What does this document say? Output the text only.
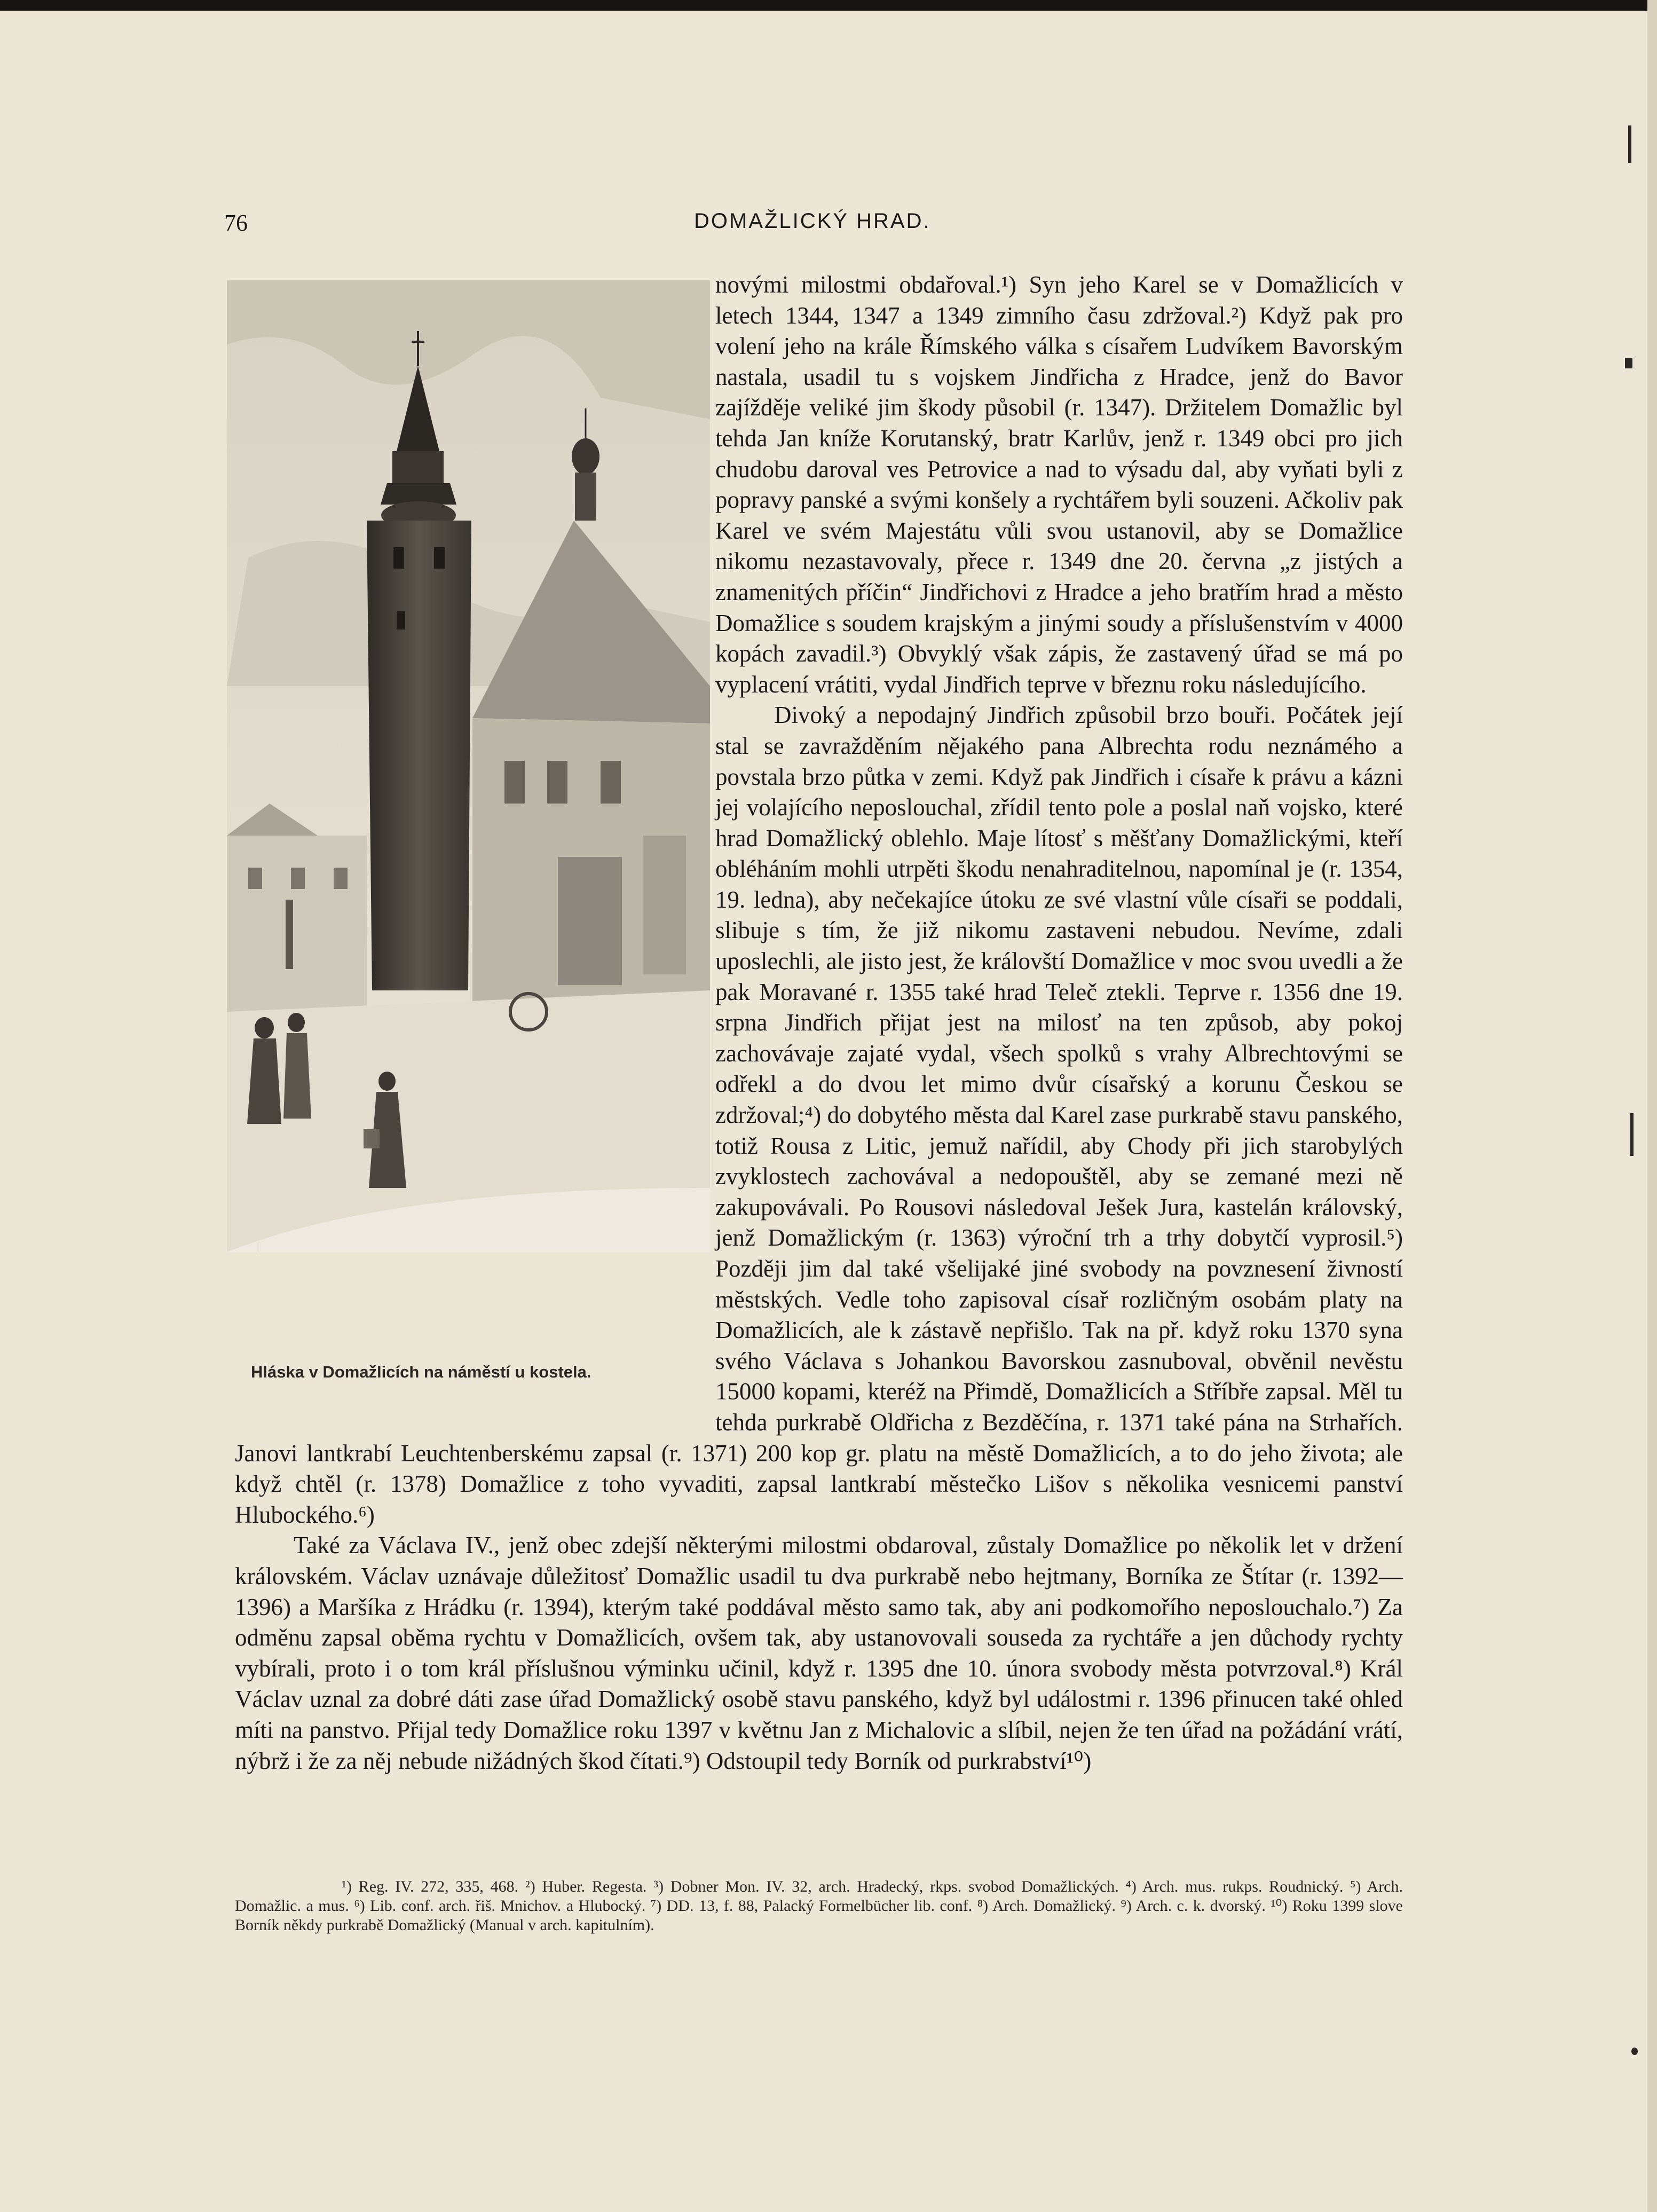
76	DOMAŽLICKÝ HRAD.
Hláska v Domažlicích na náměstí u kostela.

novými milostmi obdařoval.¹) Syn jeho Karel se v Domažlicích v letech 1344, 1347 a 1349 zimního času zdržoval.²) Když pak pro volení jeho na krále Římského válka s císařem Ludvíkem Bavorským nastala, usadil tu s vojskem Jindřicha z Hradce, jenž do Bavor zajížděje veliké jim škody působil (r. 1347). Držitelem Domažlic byl tehda Jan kníže Korutanský, bratr Karlův, jenž r. 1349 obci pro jich chudobu daroval ves Petrovice a nad to výsadu dal, aby vyňati byli z popravy panské a svými konšely a rychtářem byli souzeni. Ačkoliv pak Karel ve svém Majestátu vůli svou ustanovil, aby se Domažlice nikomu nezastavovaly, přece r. 1349 dne 20. června „z jistých a znamenitých příčin“ Jindřichovi z Hradce a jeho bratřím hrad a město Domažlice s soudem krajským a jinými soudy a příslušenstvím v 4000 kopách zavadil.³) Obvyklý však zápis, že zastavený úřad se má po vyplacení vrátiti, vydal Jindřich teprve v březnu roku následujícího.

Divoký a nepodajný Jindřich způsobil brzo bouři. Počátek její stal se zavražděním nějakého pana Albrechta rodu neznámého a povstala brzo půtka v zemi. Když pak Jindřich i císaře k právu a kázni jej volajícího neposlouchal, zřídil tento pole a poslal naň vojsko, které hrad Domažlický oblehlo. Maje lítosť s měšťany Domažlickými, kteří obléháním mohli utrpěti škodu nenahraditelnou, napomínal je (r. 1354, 19. ledna), aby nečekajíce útoku ze své vlastní vůle císaři se poddali, slibuje s tím, že již nikomu zastaveni nebudou. Nevíme, zdali uposlechli, ale jisto jest, že královští Domažlice v moc svou uvedli a že pak Moravané r. 1355 také hrad Teleč ztekli. Teprve r. 1356 dne 19. srpna Jindřich přijat jest na milosť na ten způsob, aby pokoj zachovávaje zajaté vydal, všech spolků s vrahy Albrechtovými se odřekl a do dvou let mimo dvůr císařský a korunu Českou se zdržoval;⁴) do dobytého města dal Karel zase purkrabě stavu panského, totiž Rousa z Litic, jemuž nařídil, aby Chody při jich starobylých zvyklostech zachovával a nedopouštěl, aby se zemané mezi ně zakupovávali. Po Rousovi následoval Ješek Jura, kastelán královský, jenž Domažlickým (r. 1363) výroční trh a trhy dobytčí vyprosil.⁵) Později jim dal také všelijaké jiné svobody na povznesení živností městských. Vedle toho zapisoval císař rozličným osobám platy na Domažlicích, ale k zástavě nepřišlo. Tak na př. když roku 1370 syna svého Václava s Johankou Bavorskou zasnuboval, obvěnil nevěstu 15000 kopami, kteréž na Přimdě, Domažlicích a Stříbře zapsal. Měl tu tehda purkrabě Oldřicha z Bezděčína, r. 1371 také pána na Strhařích. Janovi lantkrabí Leuchtenberskému zapsal (r. 1371) 200 kop gr. platu na městě Domažlicích, a to do jeho života; ale když chtěl (r. 1378) Domažlice z toho vyvaditi, zapsal lantkrabí městečko Lišov s několika vesnicemi panství Hlubockého.⁶)

Také za Václava IV., jenž obec zdejší některými milostmi obdaroval, zůstaly Domažlice po několik let v držení královském. Václav uznávaje důležitosť Domažlic usadil tu dva purkrabě nebo hejtmany, Borníka ze Štítar (r. 1392—1396) a Maršíka z Hrádku (r. 1394), kterým také poddával město samo tak, aby ani podkomořího neposlouchalo.⁷) Za odměnu zapsal oběma rychtu v Domažlicích, ovšem tak, aby ustanovovali souseda za rychtáře a jen důchody rychty vybírali, proto i o tom král příslušnou výminku učinil, když r. 1395 dne 10. února svobody města potvrzoval.⁸) Král Václav uznal za dobré dáti zase úřad Domažlický osobě stavu panského, když byl událostmi r. 1396 přinucen také ohled míti na panstvo. Přijal tedy Domažlice roku 1397 v květnu Jan z Michalovic a slíbil, nejen že ten úřad na požádání vrátí, nýbrž i že za něj nebude nižádných škod čítati.⁹) Odstoupil tedy Borník od purkrabství¹⁰)

¹) Reg. IV. 272, 335, 468. ²) Huber. Regesta. ³) Dobner Mon. IV. 32, arch. Hradecký, rkps. svobod Domažlických. ⁴) Arch. mus. rukps. Roudnický. ⁵) Arch. Domažlic. a mus. ⁶) Lib. conf. arch. řiš. Mnichov. a Hlubocký. ⁷) DD. 13, f. 88, Palacký Formelbücher lib. conf. ⁸) Arch. Domažlický. ⁹) Arch. c. k. dvorský. ¹⁰) Roku 1399 slove Borník někdy purkrabě Domažlický (Manual v arch. kapitulním).
